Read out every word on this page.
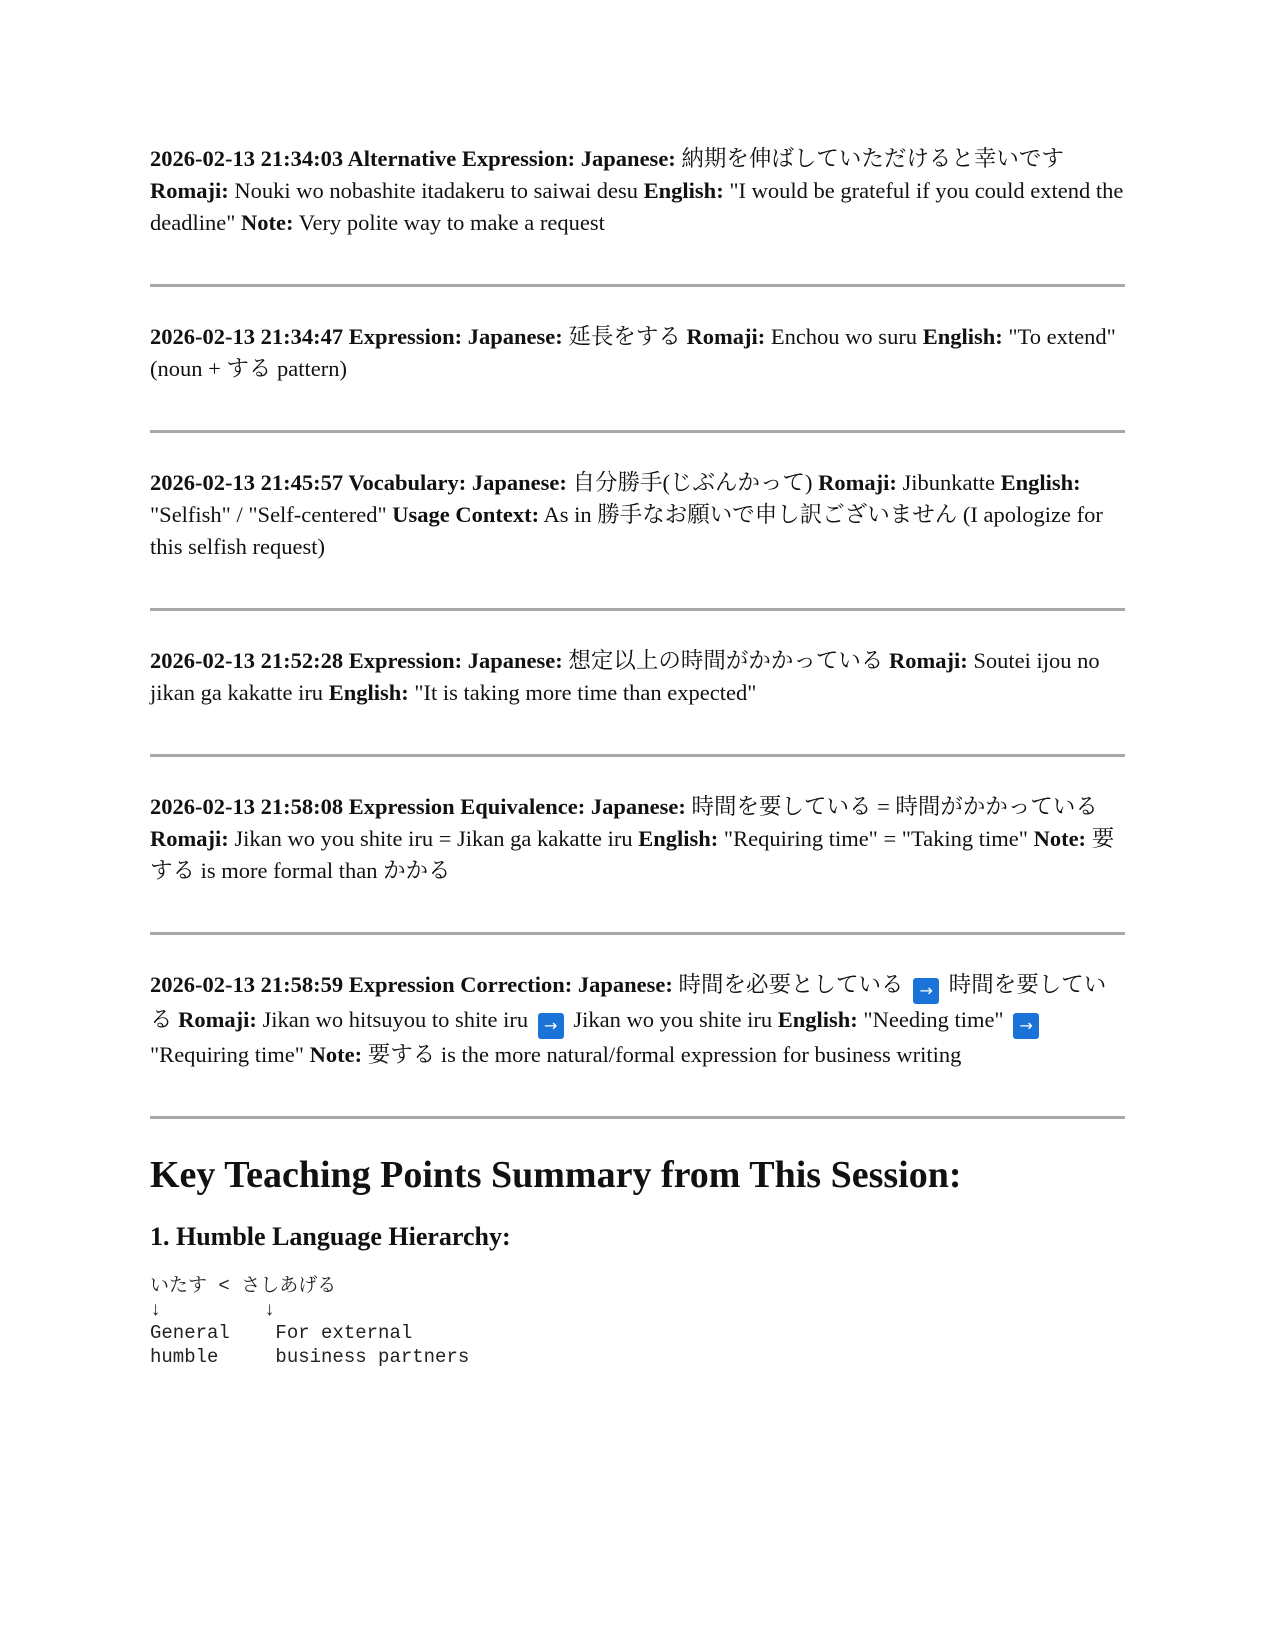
2026-02-13 21:34:03 Alternative Expression: Japanese: 納期を伸ばしていただけると幸いです Romaji: Nouki wo nobashite itadakeru to saiwai desu English: "I would be grateful if you could extend the deadline" Note: Very polite way to make a request

2026-02-13 21:34:47 Expression: Japanese: 延長をする Romaji: Enchou wo suru English: "To extend" (noun + する pattern)

2026-02-13 21:45:57 Vocabulary: Japanese: 自分勝手(じぶんかって) Romaji: Jibunkatte English: "Selfish" / "Self-centered" Usage Context: As in 勝手なお願いで申し訳ございません (I apologize for this selfish request)

2026-02-13 21:52:28 Expression: Japanese: 想定以上の時間がかかっている Romaji: Soutei ijou no jikan ga kakatte iru English: "It is taking more time than expected"

2026-02-13 21:58:08 Expression Equivalence: Japanese: 時間を要している = 時間がかかっている Romaji: Jikan wo you shite iru = Jikan ga kakatte iru English: "Requiring time" = "Taking time" Note: 要する is more formal than かかる

2026-02-13 21:58:59 Expression Correction: Japanese: 時間を必要としている → 時間を要している Romaji: Jikan wo hitsuyou to shite iru → Jikan wo you shite iru English: "Needing time" → "Requiring time" Note: 要する is the more natural/formal expression for business writing

Key Teaching Points Summary from This Session:
1. Humble Language Hierarchy:
いたす < さしあげる
↓         ↓
General    For external
humble     business partners
